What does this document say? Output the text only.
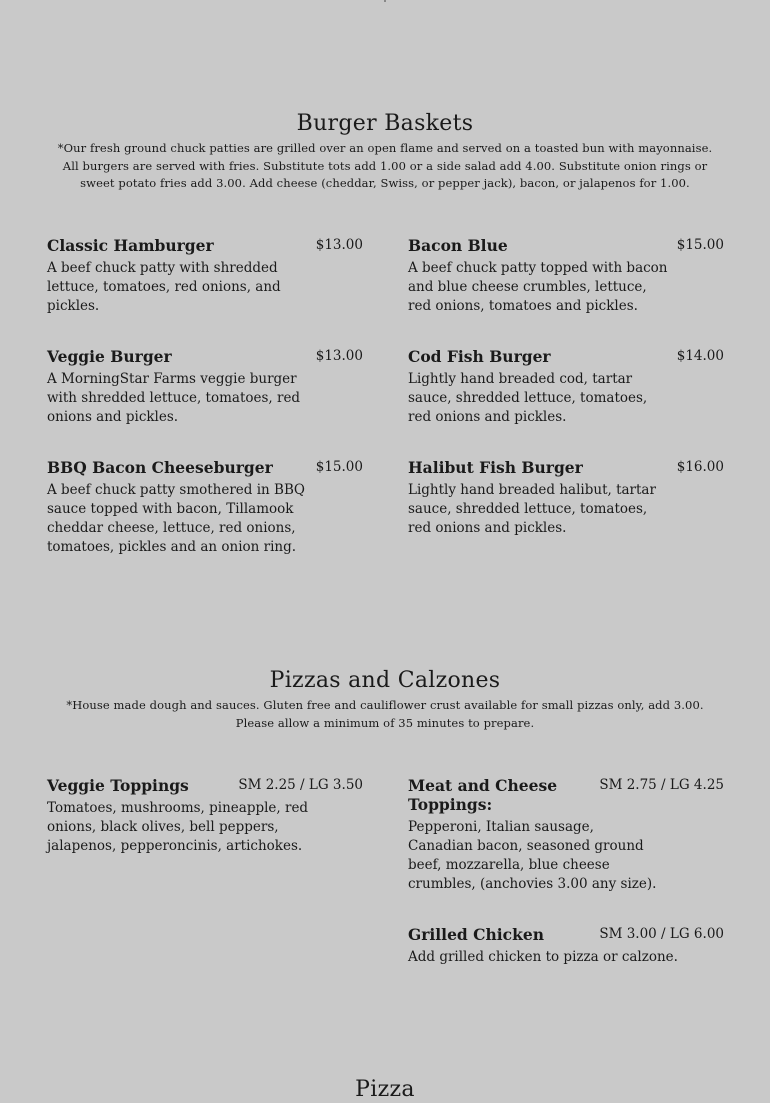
Burger Baskets

*Our fresh ground chuck patties are grilled over an open flame and served on a toasted bun with mayonnaise. All burgers are served with fries. Substitute tots add 1.00 or a side salad add 4.00. Substitute onion rings or sweet potato fries add 3.00. Add cheese (cheddar, Swiss, or pepper jack), bacon, or jalapenos for 1.00.

Classic Hamburger	$13.00
A beef chuck patty with shredded lettuce, tomatoes, red onions, and pickles.
Bacon Blue	$15.00
A beef chuck patty topped with bacon and blue cheese crumbles, lettuce, red onions, tomatoes and pickles.
Veggie Burger	$13.00
A MorningStar Farms veggie burger with shredded lettuce, tomatoes, red onions and pickles.
Cod Fish Burger	$14.00
Lightly hand breaded cod, tartar sauce, shredded lettuce, tomatoes, red onions and pickles.
BBQ Bacon Cheeseburger	$15.00
A beef chuck patty smothered in BBQ sauce topped with bacon, Tillamook cheddar cheese, lettuce, red onions, tomatoes, pickles and an onion ring.
Halibut Fish Burger	$16.00
Lightly hand breaded halibut, tartar sauce, shredded lettuce, tomatoes, red onions and pickles.
Pizzas and Calzones

*House made dough and sauces. Gluten free and cauliflower crust available for small pizzas only, add 3.00. Please allow a minimum of 35 minutes to prepare.

Veggie Toppings	SM 2.25 / LG 3.50
Tomatoes, mushrooms, pineapple, red onions, black olives, bell peppers, jalapenos, pepperoncinis, artichokes.
Meat and Cheese Toppings:
SM 2.75 / LG 4.25
Pepperoni, Italian sausage, Canadian bacon, seasoned ground beef, mozzarella, blue cheese crumbles, (anchovies 3.00 any size).
Grilled Chicken	SM 3.00 / LG 6.00
Add grilled chicken to pizza or calzone.
Pizza
